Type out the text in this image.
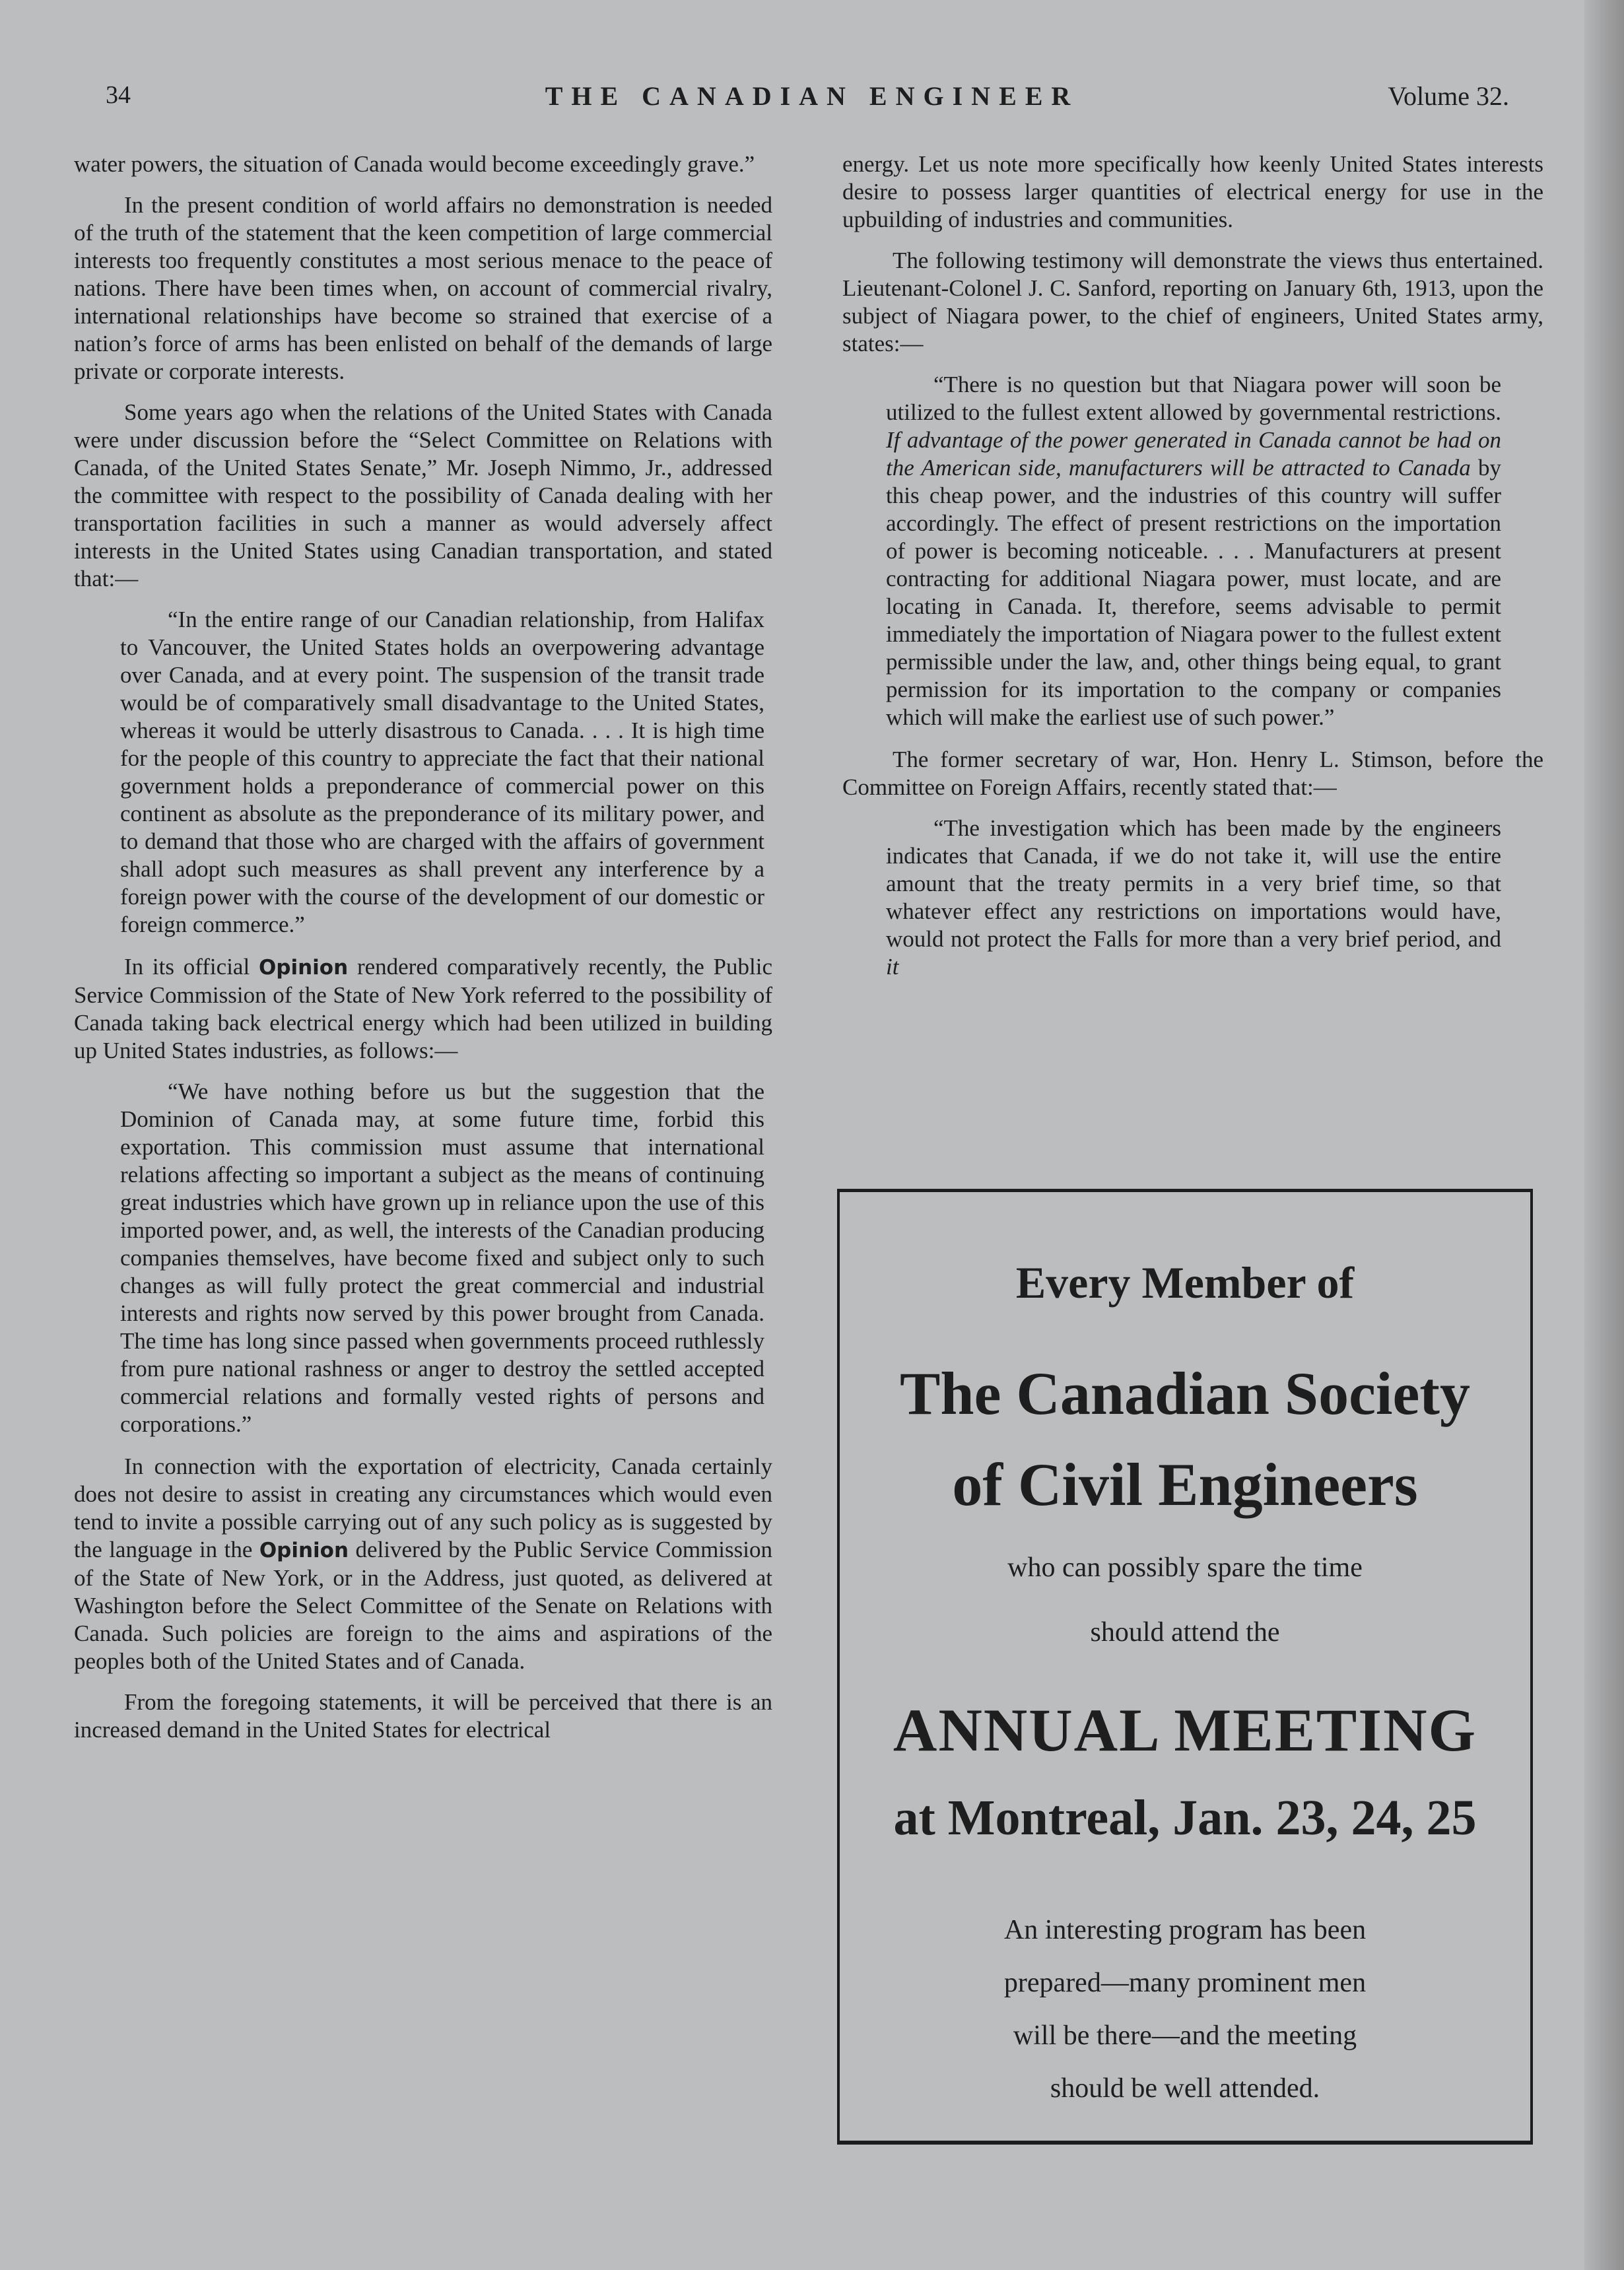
34	THE CANADIAN ENGINEER	Volume 32.

water powers, the situation of Canada would become exceedingly grave.”

In the present condition of world affairs no demonstration is needed of the truth of the statement that the keen competition of large commercial interests too frequently constitutes a most serious menace to the peace of nations. There have been times when, on account of commercial rivalry, international relationships have become so strained that exercise of a nation’s force of arms has been enlisted on behalf of the demands of large private or corporate interests.

Some years ago when the relations of the United States with Canada were under discussion before the “Select Committee on Relations with Canada, of the United States Senate,” Mr. Joseph Nimmo, Jr., addressed the committee with respect to the possibility of Canada dealing with her transportation facilities in such a manner as would adversely affect interests in the United States using Canadian transportation, and stated that:—

“In the entire range of our Canadian relationship, from Halifax to Vancouver, the United States holds an overpowering advantage over Canada, and at every point. The suspension of the transit trade would be of comparatively small disadvantage to the United States, whereas it would be utterly disastrous to Canada. . . . It is high time for the people of this country to appreciate the fact that their national government holds a preponderance of commercial power on this continent as absolute as the preponderance of its military power, and to demand that those who are charged with the affairs of government shall adopt such measures as shall prevent any interference by a foreign power with the course of the development of our domestic or foreign commerce.”

In its official Opinion rendered comparatively recently, the Public Service Commission of the State of New York referred to the possibility of Canada taking back electrical energy which had been utilized in building up United States industries, as follows:—

“We have nothing before us but the suggestion that the Dominion of Canada may, at some future time, forbid this exportation. This commission must assume that international relations affecting so important a subject as the means of continuing great industries which have grown up in reliance upon the use of this imported power, and, as well, the interests of the Canadian producing companies themselves, have become fixed and subject only to such changes as will fully protect the great commercial and industrial interests and rights now served by this power brought from Canada. The time has long since passed when governments proceed ruthlessly from pure national rashness or anger to destroy the settled accepted commercial relations and formally vested rights of persons and corporations.”

In connection with the exportation of electricity, Canada certainly does not desire to assist in creating any circumstances which would even tend to invite a possible carrying out of any such policy as is suggested by the language in the Opinion delivered by the Public Service Commission of the State of New York, or in the Address, just quoted, as delivered at Washington before the Select Committee of the Senate on Relations with Canada. Such policies are foreign to the aims and aspirations of the peoples both of the United States and of Canada.

From the foregoing statements, it will be perceived that there is an increased demand in the United States for electrical

energy. Let us note more specifically how keenly United States interests desire to possess larger quantities of electrical energy for use in the upbuilding of industries and communities.

The following testimony will demonstrate the views thus entertained. Lieutenant-Colonel J. C. Sanford, reporting on January 6th, 1913, upon the subject of Niagara power, to the chief of engineers, United States army, states:—

“There is no question but that Niagara power will soon be utilized to the fullest extent allowed by governmental restrictions. If advantage of the power generated in Canada cannot be had on the American side, manufacturers will be attracted to Canada by this cheap power, and the industries of this country will suffer accordingly. The effect of present restrictions on the importation of power is becoming noticeable. . . . Manufacturers at present contracting for additional Niagara power, must locate, and are locating in Canada. It, therefore, seems advisable to permit immediately the importation of Niagara power to the fullest extent permissible under the law, and, other things being equal, to grant permission for its importation to the company or companies which will make the earliest use of such power.”

The former secretary of war, Hon. Henry L. Stimson, before the Committee on Foreign Affairs, recently stated that:—

“The investigation which has been made by the engineers indicates that Canada, if we do not take it, will use the entire amount that the treaty permits in a very brief time, so that whatever effect any restrictions on importations would have, would not protect the Falls for more than a very brief period, and it

Every Member of
The Canadian Society
of Civil Engineers
who can possibly spare the time
should attend the
ANNUAL MEETING
at Montreal, Jan. 23, 24, 25
An interesting program has been
prepared—many prominent men
will be there—and the meeting
should be well attended.
